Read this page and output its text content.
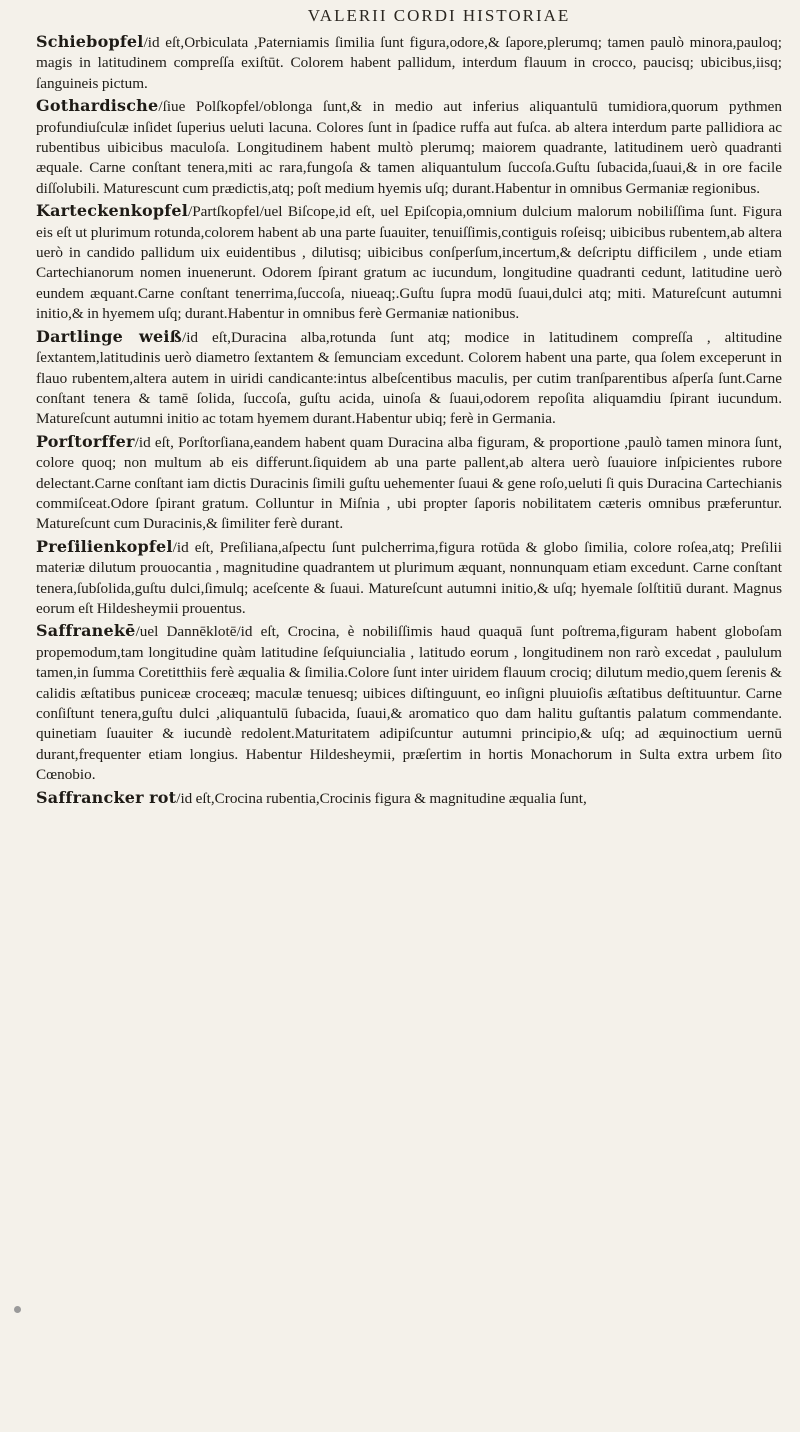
VALERII CORDI HISTORIAE

Schiebopfel/id eſt,Orbiculata ,Paterniamis ſimilia ſunt figura,odore,& ſapore,plerumq; tamen paulò minora,pauloq; magis in latitudinem compreſſa exiſtūt. Colorem habent pallidum, interdum flauum in crocco, paucisq; ubicibus,iisq; ſanguineis pictum.

Gothardische/ſiue Polſkopfel/oblonga ſunt,& in medio aut inferius aliquantulū tumidiora,quorum pythmen profundiuſculæ inſidet ſuperius ueluti lacuna. Colores ſunt in ſpadice ruffa aut fuſca. ab altera interdum parte pallidiora ac rubentibus uibicibus maculoſa. Longitudinem habent multò plerumq; maiorem quadrante, latitudinem uerò quadranti æquale. Carne conſtant tenera,miti ac rara,fungoſa & tamen aliquantulum ſuccoſa.Guſtu ſubacida,ſuaui,& in ore facile diſſolubili. Maturescunt cum prædictis,atq; poſt medium hyemis uſq; durant.Habentur in omnibus Germaniæ regionibus.

Karteckenkopfel/Partſkopfel/uel Biſcope,id eſt, uel Epiſcopia,omnium dulcium malorum nobiliſſima ſunt. Figura eis eſt ut plurimum rotunda,colorem habent ab una parte ſuauiter, tenuiſſimis,contiguis roſeisq; uibicibus rubentem,ab altera uerò in candido pallidum uix euidentibus , dilutisq; uibicibus conſperſum,incertum,& deſcriptu difficilem , unde etiam Cartechianorum nomen inuenerunt. Odorem ſpirant gratum ac iucundum, longitudine quadranti cedunt, latitudine uerò eundem æquant.Carne conſtant tenerrima,ſuccoſa, niueaq;.Guſtu ſupra modū ſuaui,dulci atq; miti. Matureſcunt autumni initio,& in hyemem uſq; durant.Habentur in omnibus ferè Germaniæ nationibus.

Dartlinge weiß/id eſt,Duracina alba,rotunda ſunt atq; modice in latitudinem compreſſa , altitudine ſextantem,latitudinis uerò diametro ſextantem & ſemunciam excedunt. Colorem habent una parte, qua ſolem exceperunt in flauo rubentem,altera autem in uiridi candicante:intus albeſcentibus maculis, per cutim tranſparentibus aſperſa ſunt.Carne conſtant tenera & tamē ſolida, ſuccoſa, guſtu acida, uinoſa & ſuaui,odorem repoſita aliquamdiu ſpirant iucundum. Matureſcunt autumni initio ac totam hyemem durant.Habentur ubiq; ferè in Germania.

Porſtorffer/id eſt, Porſtorſiana,eandem habent quam Duracina alba figuram, & proportione ,paulò tamen minora ſunt, colore quoq; non multum ab eis differunt.ſiquidem ab una parte pallent,ab altera uerò ſuauiore inſpicientes rubore delectant.Carne conſtant iam dictis Duracinis ſimili guſtu uehementer ſuaui & gene roſo,ueluti ſi quis Duracina Cartechianis commiſceat.Odore ſpirant gratum. Colluntur in Miſnia , ubi propter ſaporis nobilitatem cæteris omnibus præferuntur. Matureſcunt cum Duracinis,& ſimiliter ferè durant.

Preſilienkopfel/id eſt, Preſiliana,aſpectu ſunt pulcherrima,figura rotūda & globo ſimilia, colore roſea,atq; Preſilii materiæ dilutum prouocantia , magnitudine quadrantem ut plurimum æquant, nonnunquam etiam excedunt. Carne conſtant tenera,ſubſolida,guſtu dulci,ſimulq; aceſcente & ſuaui. Matureſcunt autumni initio,& uſq; hyemale ſolſtitiū durant. Magnus eorum eſt Hildesheymii prouentus.

Saffranekē/uel Dannēklotē/id eſt, Crocina, è nobiliſſimis haud quaquā ſunt poſtrema,figuram habent globoſam propemodum,tam longitudine quàm latitudine ſeſquiuncialia , latitudo eorum , longitudinem non rarò excedat , paululum tamen,in ſumma Coretitthiis ferè æqualia & ſimilia.Colore ſunt inter uiridem flauum crociq; dilutum medio,quem ſerenis & calidis æſtatibus puniceæ croceæq; maculæ tenuesq; uibices diſtinguunt, eo inſigni pluuioſis æſtatibus deſtituuntur. Carne conſiſtunt tenera,guſtu dulci ,aliquantulū ſubacida, ſuaui,& aromatico quo dam halitu guſtantis palatum commendante. quinetiam ſuauiter & iucundè redolent.Maturitatem adipiſcuntur autumni principio,& uſq; ad æquinoctium uernū durant,frequenter etiam longius. Habentur Hildesheymii, præſertim in hortis Monachorum in Sulta extra urbem ſito Cœnobio.

Saffrancker rot/id eſt,Crocina rubentia,Crocinis figura & magnitudine æqualia ſunt,
